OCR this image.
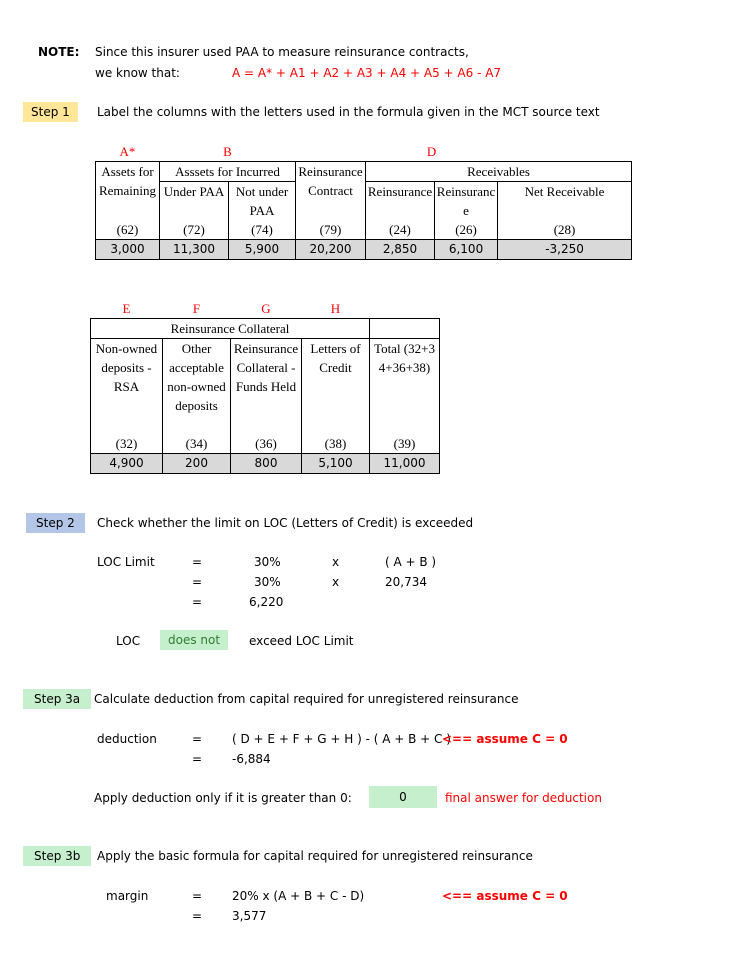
NOTE: Since this insurer used PAA to measure reinsurance contracts,
we know that:	A = A* + A1 + A2 + A3 + A4 + A5 + A6 - A7
Step 1	Label the columns with the letters used in the formula given in the MCT source text
A*	B			D		
Assets for Remaining	Asssets for Incurred		Reinsurance Contract	Receivables		
	Under PAA	Not under PAA		Reinsurance	Reinsurance	Net Receivable

(62)	(72)	(74)	(79)	(24)	(26)	(28)
3,000	11,300	5,900	20,200	2,850	6,100	-3,250
E	F	G	H	
Reinsurance Collateral				
Non-owned deposits - RSA	Other acceptable non-owned deposits	Reinsurance Collateral - Funds Held	Letters of Credit	Total (32+34+36+38)
(32)	(34)	(36)	(38)	(39)
4,900	200	800	5,100	11,000
Step 2	Check whether the limit on LOC (Letters of Credit) is exceeded
LOC Limit	=	30%	x	( A + B )
=	30%	x	20,734
=	6,220
LOC	does not	exceed LOC Limit
Step 3a	Calculate deduction from capital required for unregistered reinsurance
deduction	= ( D + E + F + G + H ) - ( A + B + C )
<== assume C = 0
= -6,884
Apply deduction only if it is greater than 0:	0	final answer for deduction
Step 3b	Apply the basic formula for capital required for unregistered reinsurance
margin	= 20% x (A + B + C - D)	<== assume C = 0
= 3,577
